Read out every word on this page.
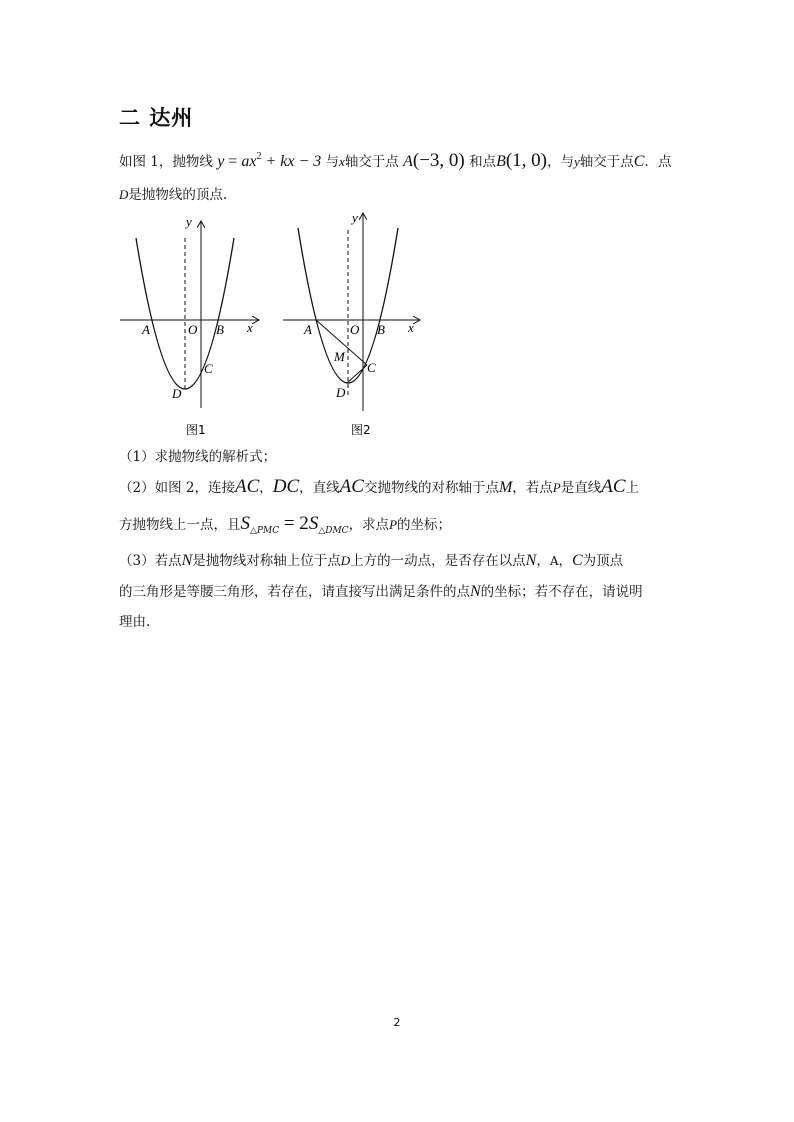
二 达州
如图 1，抛物线 $y = ax^2$ + kx − 3 与x轴交于点 A(−3, 0) 和点B(1, 0)，与y轴交于点C．点
D是抛物线的顶点.
y
x
A	O B
C
D
图1
y
x
A	O B
M
C
D
图2
（1）求抛物线的解析式；
（2）如图 2，连接AC，DC，直线AC交抛物线的对称轴于点M，若点P是直线AC上
方抛物线上一点，且$S_{\triangle PMC} = 2S_{\triangle DMC}$，求点P的坐标；
（3）若点N是抛物线对称轴上位于点D上方的一动点，是否存在以点N，A，C为顶点
的三角形是等腰三角形，若存在，请直接写出满足条件的点N的坐标；若不存在，请说明
理由.
2
